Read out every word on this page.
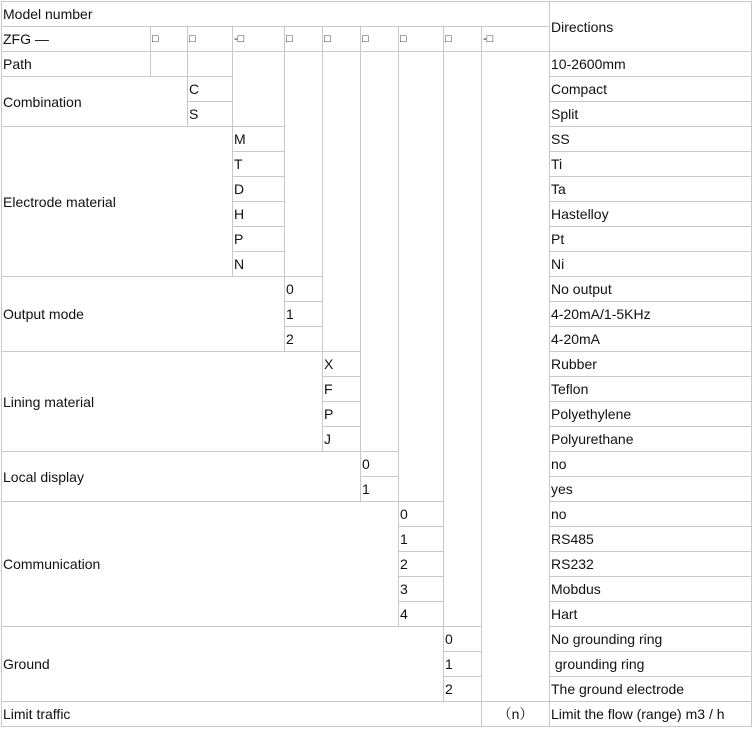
Model number										Directions
ZFG —	□	□	-□	□	□	□	□	□	-□	
Path										10-2600mm
Combination		C								Compact
		S								Split
Electrode material			M							SS
			T							Ti
			D							Ta
			H							Hastelloy
			P							Pt
			N							Ni
Output mode				0						No output
				1						4-20mA/1-5KHz
				2						4-20mA
Lining material					X					Rubber
					F					Teflon
					P					Polyethylene
					J					Polyurethane
Local display						0				no
						1				yes
Communication							0			no
							1			RS485
							2			RS232
							3			Mobdus
							4			Hart
Ground								0		No grounding ring
								1		grounding ring
								2		The ground electrode
Limit traffic									（n）	Limit the flow (range) m3 / h
